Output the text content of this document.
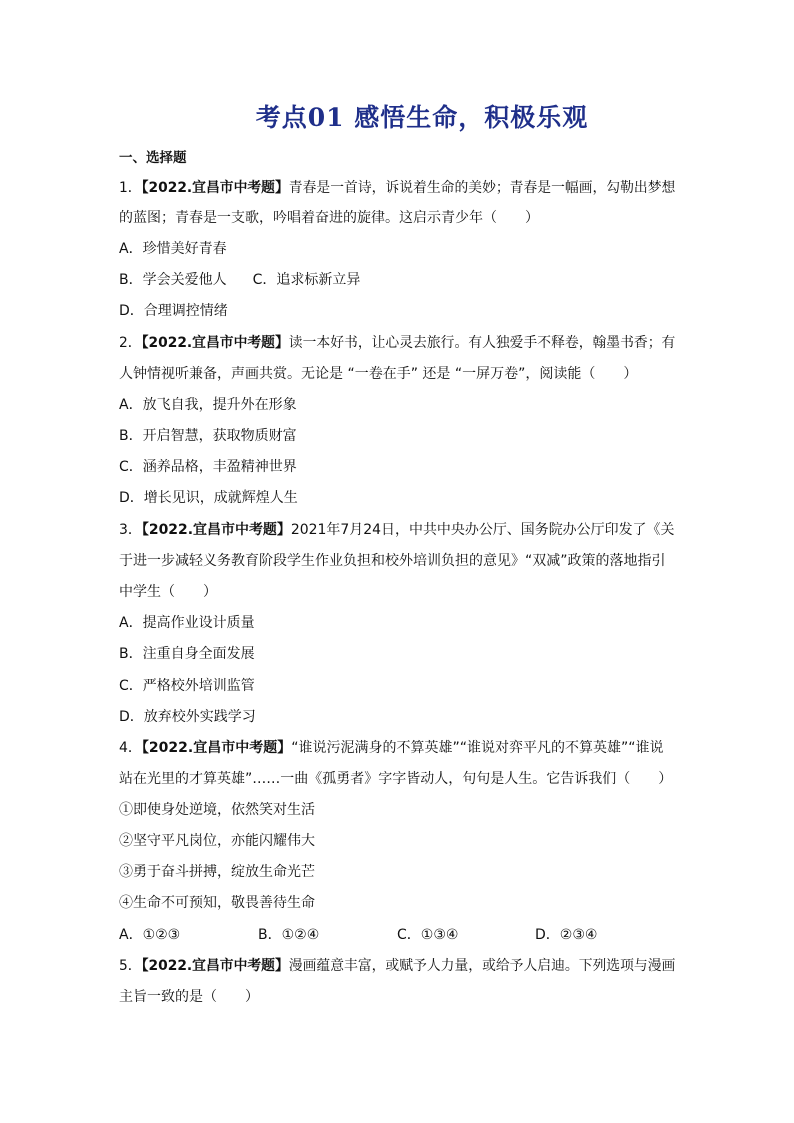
考点01 感悟生命，积极乐观
一、选择题
1．【2022.宜昌市中考题】青春是一首诗，诉说着生命的美妙；青春是一幅画，勾勒出梦想
的蓝图；青春是一支歌，吟唱着奋进的旋律。这启示青少年（　　）
A．珍惜美好青春
B．学会关爱他人 C．追求标新立异
D．合理调控情绪
2．【2022.宜昌市中考题】读一本好书，让心灵去旅行。有人独爱手不释卷，翰墨书香；有
人钟情视听兼备，声画共赏。无论是 “一卷在手” 还是 “一屏万卷”，阅读能（　　）
A．放飞自我，提升外在形象
B．开启智慧，获取物质财富
C．涵养品格，丰盈精神世界
D．增长见识，成就辉煌人生
3．【2022.宜昌市中考题】2021年7月24日，中共中央办公厅、国务院办公厅印发了《关
于进一步减轻义务教育阶段学生作业负担和校外培训负担的意见》“双减”政策的落地指引
中学生（　　）
A．提高作业设计质量
B．注重自身全面发展
C．严格校外培训监管
D．放弃校外实践学习
4．【2022.宜昌市中考题】“谁说污泥满身的不算英雄”“谁说对弈平凡的不算英雄”“谁说
站在光里的才算英雄”……一曲《孤勇者》字字皆动人，句句是人生。它告诉我们（　　）
①即使身处逆境，依然笑对生活
②坚守平凡岗位，亦能闪耀伟大
③勇于奋斗拼搏，绽放生命光芒
④生命不可预知，敬畏善待生命
A．①②③	B．①②④	C．①③④	D．②③④
5．【2022.宜昌市中考题】漫画蕴意丰富，或赋予人力量，或给予人启迪。下列选项与漫画
主旨一致的是（　　）
